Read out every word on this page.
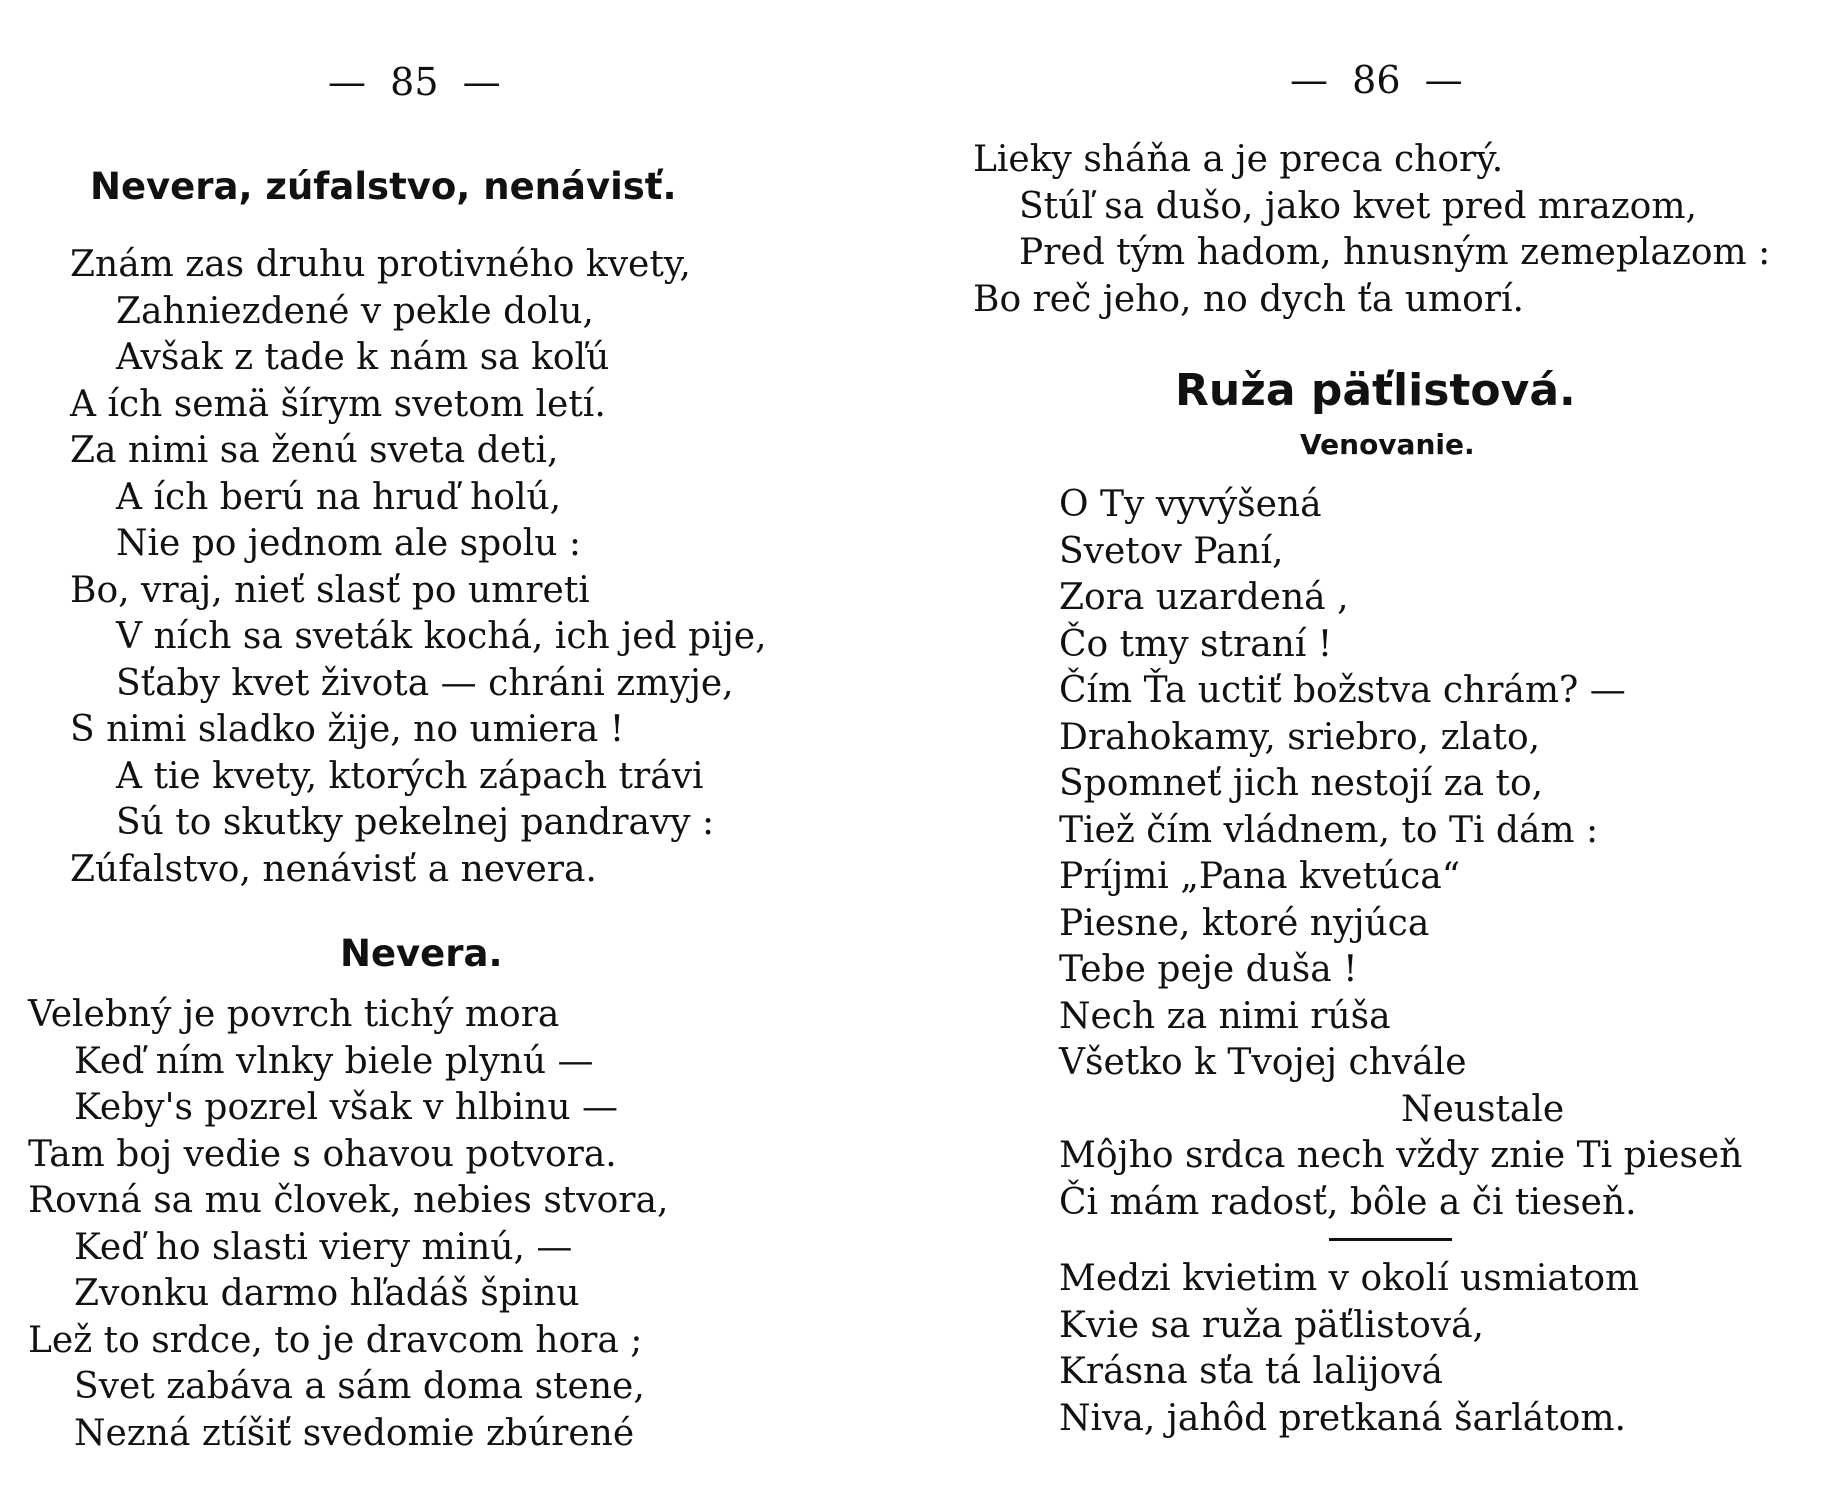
—  85  —
Nevera, zúfalstvo, nenávisť.
Znám zas druhu protivného kvety,
Zahniezdené v pekle dolu,
Avšak z tade k nám sa koľú
A ích semä šírym svetom letí.
Za nimi sa ženú sveta deti,
A ích berú na hruď holú,
Nie po jednom ale spolu :
Bo, vraj, nieť slasť po umreti
V ních sa sveták kochá, ich jed pije,
Sťaby kvet života — chráni zmyje,
S nimi sladko žije, no umiera !
A tie kvety, ktorých zápach trávi
Sú to skutky pekelnej pandravy :
Zúfalstvo, nenávisť a nevera.
Nevera.
Velebný je povrch tichý mora
Keď ním vlnky biele plynú —
Keby's pozrel však v hlbinu —
Tam boj vedie s ohavou potvora.
Rovná sa mu človek, nebies stvora,
Keď ho slasti viery minú, —
Zvonku darmo hľadáš špinu
Lež to srdce, to je dravcom hora ;
Svet zabáva a sám doma stene,
Nezná ztíšiť svedomie zbúrené
—  86  —
Lieky sháňa a je preca chorý.
Stúľ sa dušo, jako kvet pred mrazom,
Pred tým hadom, hnusným zemeplazom :
Bo reč jeho, no dych ťa umorí.
Ruža päťlistová.
Venovanie.
O Ty vyvýšená
Svetov Paní,
Zora uzardená ,
Čo tmy straní !
Čím Ťa uctiť božstva chrám? —
Drahokamy, sriebro, zlato,
Spomneť jich nestojí za to,
Tiež čím vládnem, to Ti dám :
Príjmi „Pana kvetúca“
Piesne, ktoré nyjúca
Tebe peje duša !
Nech za nimi rúša
Všetko k Tvojej chvále
Neustale
Môjho srdca nech vždy znie Ti pieseň
Či mám radosť, bôle a či tieseň.
Medzi kvietim v okolí usmiatom
Kvie sa ruža päťlistová,
Krásna sťa tá lalijová
Niva, jahôd pretkaná šarlátom.
